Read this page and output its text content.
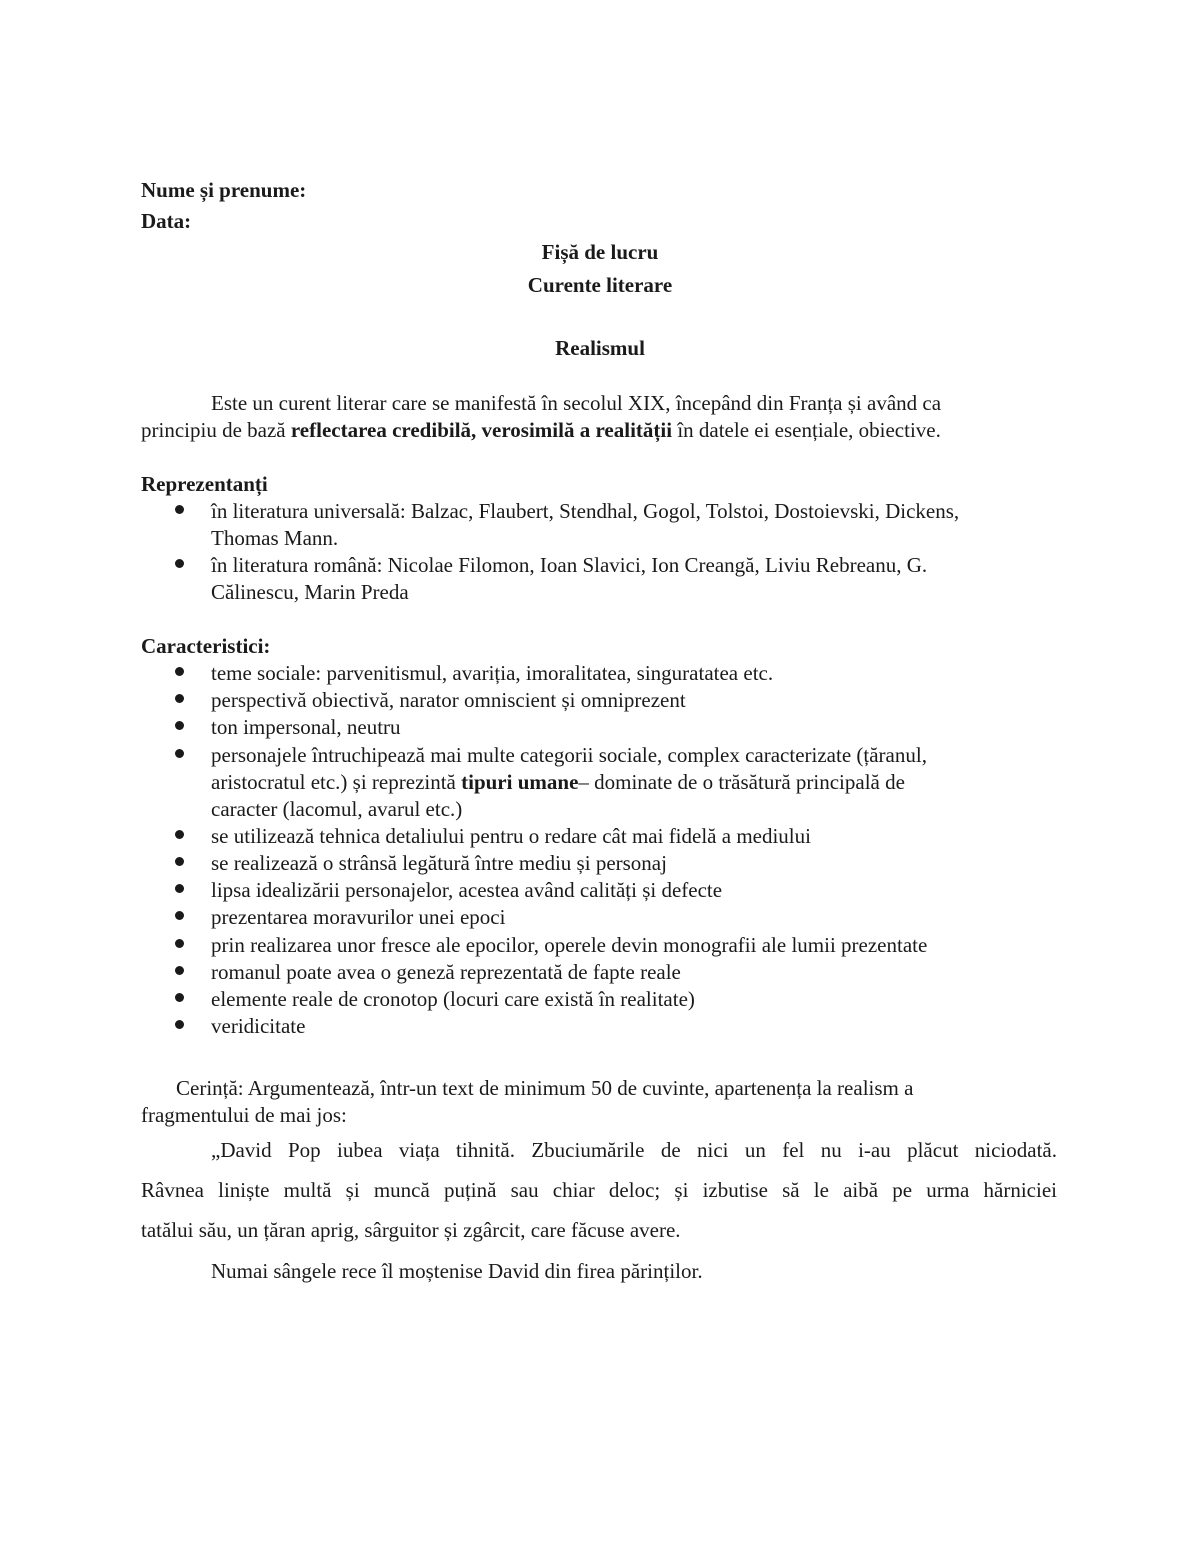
Nume și prenume:
Data:
Fișă de lucru
Curente literare
Realismul
Este un curent literar care se manifestă în secolul XIX, începând din Franța și având ca
principiu de bază reflectarea credibilă, verosimilă a realității în datele ei esențiale, obiective.
Reprezentanți
în literatura universală: Balzac, Flaubert, Stendhal, Gogol, Tolstoi, Dostoievski, Dickens,
Thomas Mann.
în literatura română: Nicolae Filomon, Ioan Slavici, Ion Creangă, Liviu Rebreanu, G.
Călinescu, Marin Preda
Caracteristici:
teme sociale: parvenitismul, avariția, imoralitatea, singuratatea etc.
perspectivă obiectivă, narator omniscient și omniprezent
ton impersonal, neutru
personajele întruchipează mai multe categorii sociale, complex caracterizate (țăranul,
aristocratul etc.) și reprezintă tipuri umane– dominate de o trăsătură principală de
caracter (lacomul, avarul etc.)
se utilizează tehnica detaliului pentru o redare cât mai fidelă a mediului
se realizează o strânsă legătură între mediu și personaj
lipsa idealizării personajelor, acestea având calități și defecte
prezentarea moravurilor unei epoci
prin realizarea unor fresce ale epocilor, operele devin monografii ale lumii prezentate
romanul poate avea o geneză reprezentată de fapte reale
elemente reale de cronotop (locuri care există în realitate)
veridicitate
Cerință: Argumentează, într-un text de minimum 50 de cuvinte, apartenența la realism a
fragmentului de mai jos:
„David Pop iubea viața tihnită. Zbuciumările de nici un fel nu i-au plăcut niciodată.
Râvnea liniște multă și muncă puțină sau chiar deloc; și izbutise să le aibă pe urma hărniciei
tatălui său, un țăran aprig, sârguitor și zgârcit, care făcuse avere.
Numai sângele rece îl moștenise David din firea părinților.
